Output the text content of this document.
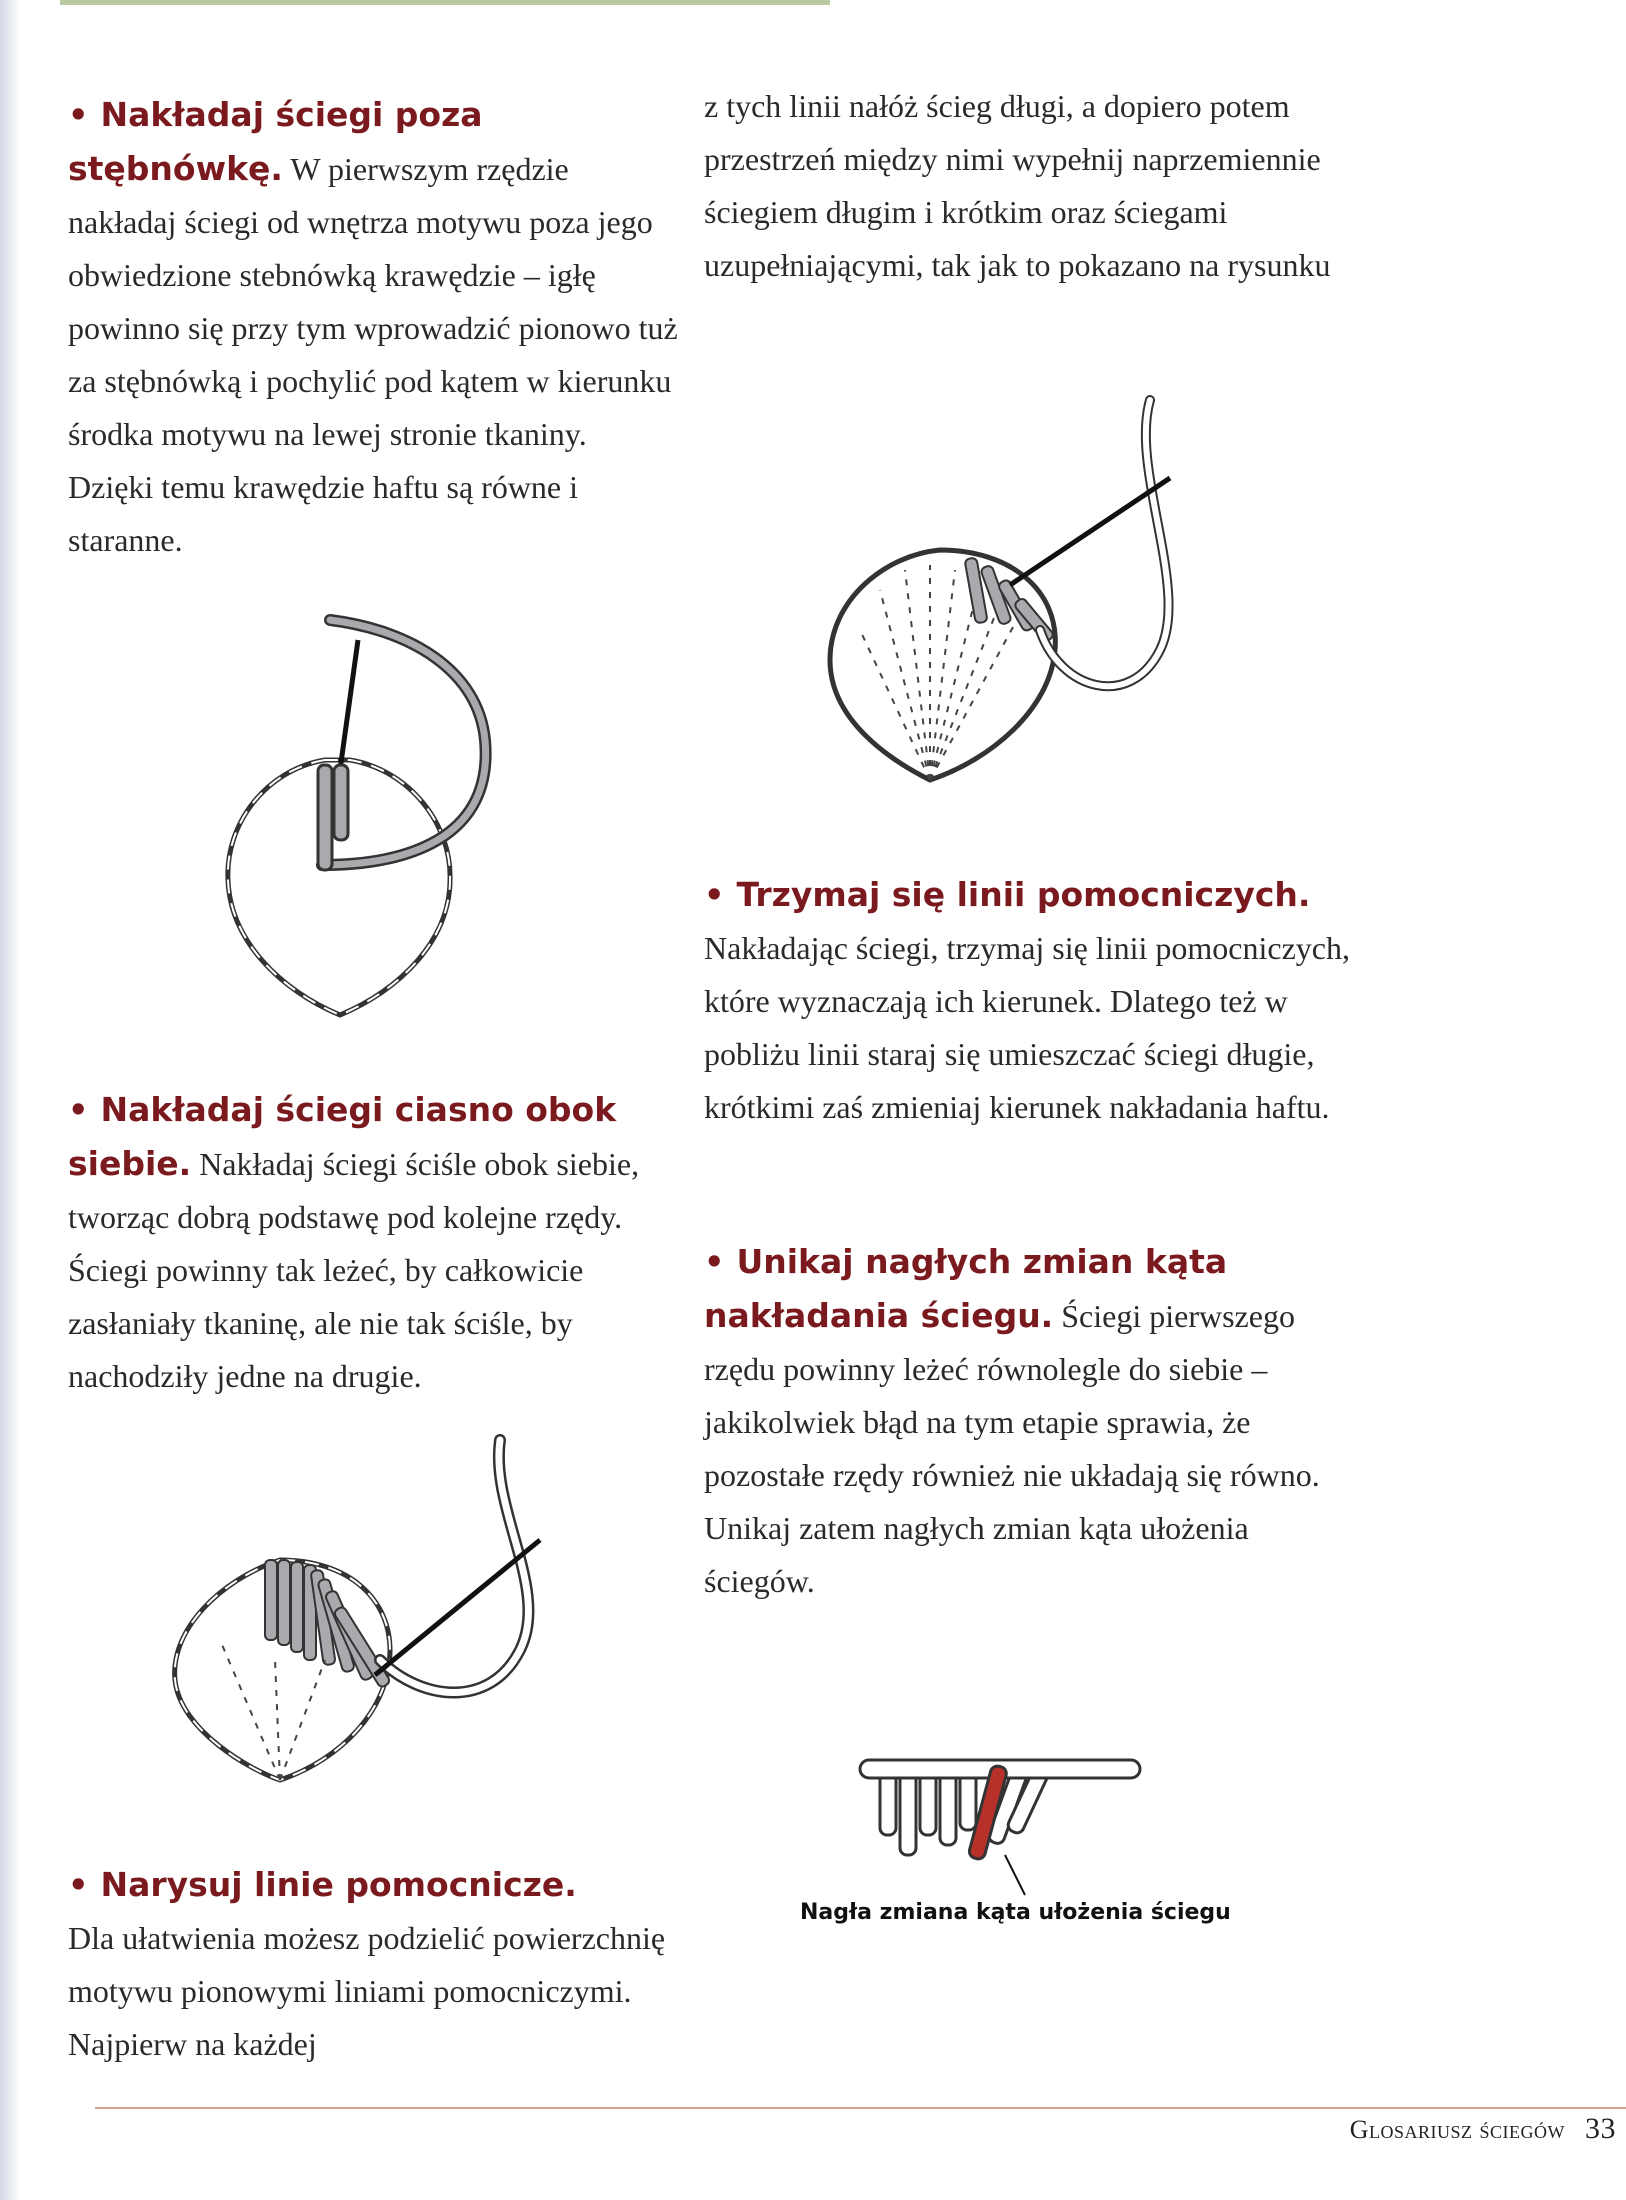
• Nakładaj ściegi poza stębnówkę. W pierwszym rzędzie nakładaj ściegi od wnętrza motywu poza jego obwiedzione stebnówką krawędzie – igłę powinno się przy tym wprowadzić pionowo tuż za stębnówką i pochylić pod kątem w kierunku środka motywu na lewej stronie tkaniny. Dzięki temu krawędzie haftu są równe i staranne.

• Nakładaj ściegi ciasno obok siebie. Nakładaj ściegi ściśle obok siebie, tworząc dobrą podstawę pod kolejne rzędy. Ściegi powinny tak leżeć, by całkowicie zasłaniały tkaninę, ale nie tak ściśle, by nachodziły jedne na drugie.

• Narysuj linie pomocnicze.
Dla ułatwienia możesz podzielić powierzchnię motywu pionowymi liniami pomocniczymi. Najpierw na każdej

z tych linii nałóż ścieg długi, a dopiero potem przestrzeń między nimi wypełnij naprzemiennie ściegiem długim i krótkim oraz ściegami uzupełniającymi, tak jak to pokazano na rysunku

• Trzymaj się linii pomocniczych.
Nakładając ściegi, trzymaj się linii pomocniczych, które wyznaczają ich kierunek. Dlatego też w pobliżu linii staraj się umieszczać ściegi długie, krótkimi zaś zmieniaj kierunek nakładania haftu.

• Unikaj nagłych zmian kąta nakładania ściegu. Ściegi pierwszego rzędu powinny leżeć równolegle do siebie – jakikolwiek błąd na tym etapie sprawia, że pozostałe rzędy również nie układają się równo. Unikaj zatem nagłych zmian kąta ułożenia ściegów.

Nagła zmiana kąta ułożenia ściegu
Glosariusz ściegów 33
